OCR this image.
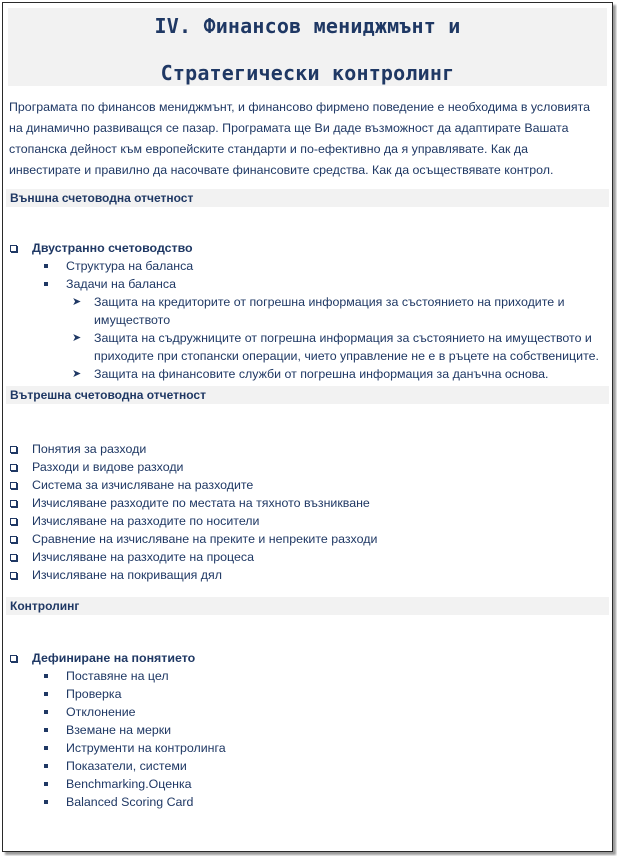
IV. Финансов мениджмънт и
Стратегически контролинг
Програмата по финансов мениджмънт, и финансово фирмено поведение е необходима в условията на динамично развиващся се пазар. Програмата ще Ви даде възможност да адаптирате Вашата стопанска дейност към европейските стандарти и по-ефективно да я управлявате. Как да инвестирате и правилно да насочвате финансовите средства. Как да осъществявате контрол.
Външна счетоводна отчетност
Двустранно счетоводство
Структура на баланса
Задачи на баланса
➤ Защита на кредиторите от погрешна информация за състоянието на приходите и имуществото
➤ Защита на съдружниците от погрешна информация за състоянието на имуществото и приходите при стопански операции, чието управление не е в ръцете на собствениците.
➤ Защита на финансовите служби от погрешна информация за данъчна основа.
Вътрешна счетоводна отчетност
Понятия за разходи
Разходи и видове разходи
Система за изчисляване на разходите
Изчисляване разходите по местата на тяхното възникване
Изчисляване на разходите по носители
Сравнение на изчисляване на преките и непреките разходи
Изчисляване на разходите на процеса
Изчисляване на покриващия дял
Контролинг
Дефиниране на понятието
Поставяне на цел
Проверка
Отклонение
Вземане на мерки
Иструменти на контролинга
Показатели, системи
Benchmarking.Оценка
Balanced Scoring Card
